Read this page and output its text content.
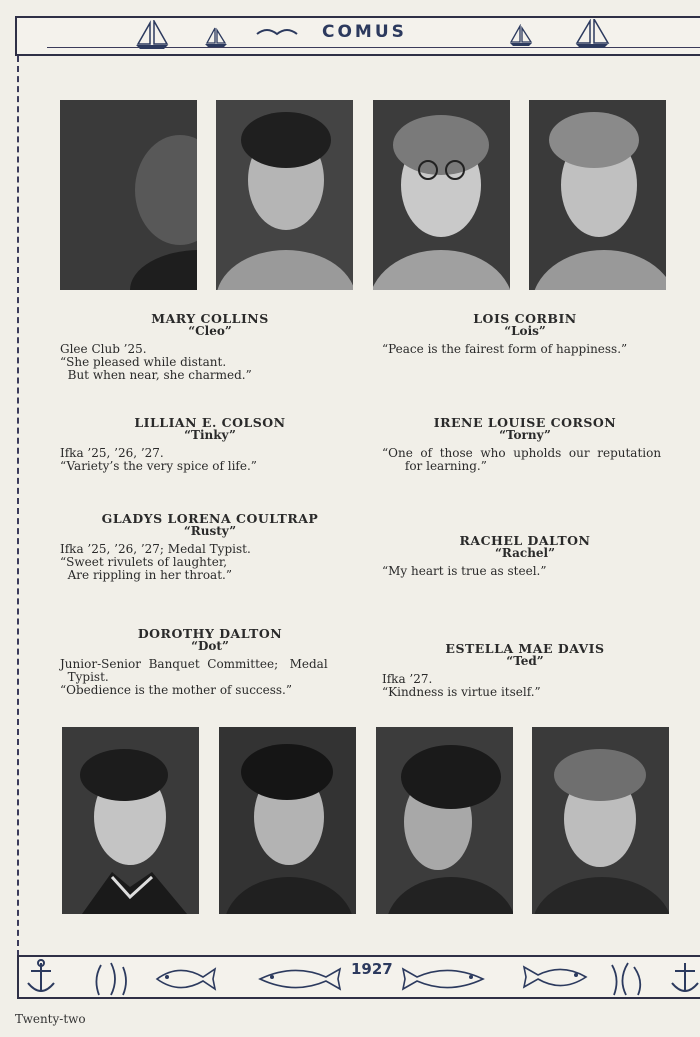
COMUS
MARY COLLINS
“Cleo”
Glee Club ’25.
“She pleased while distant.
But when near, she charmed.”
LOIS CORBIN
“Lois”
“Peace is the fairest form of happiness.”
LILLIAN E. COLSON
“Tinky”
Ifka ’25, ’26, ’27.
“Variety’s the very spice of life.”
IRENE LOUISE CORSON
“Torny”
“One  of  those  who  upholds  our  reputation
for learning.”
GLADYS LORENA COULTRAP
“Rusty”
Ifka ’25, ’26, ’27; Medal Typist.
“Sweet rivulets of laughter,
Are rippling in her throat.”
RACHEL DALTON
“Rachel”
“My heart is true as steel.”
DOROTHY DALTON
“Dot”
Junior-Senior  Banquet  Committee;   Medal
Typist.
“Obedience is the mother of success.”
ESTELLA MAE DAVIS
“Ted”
Ifka ’27.
“Kindness is virtue itself.”
1927
Twenty-two
